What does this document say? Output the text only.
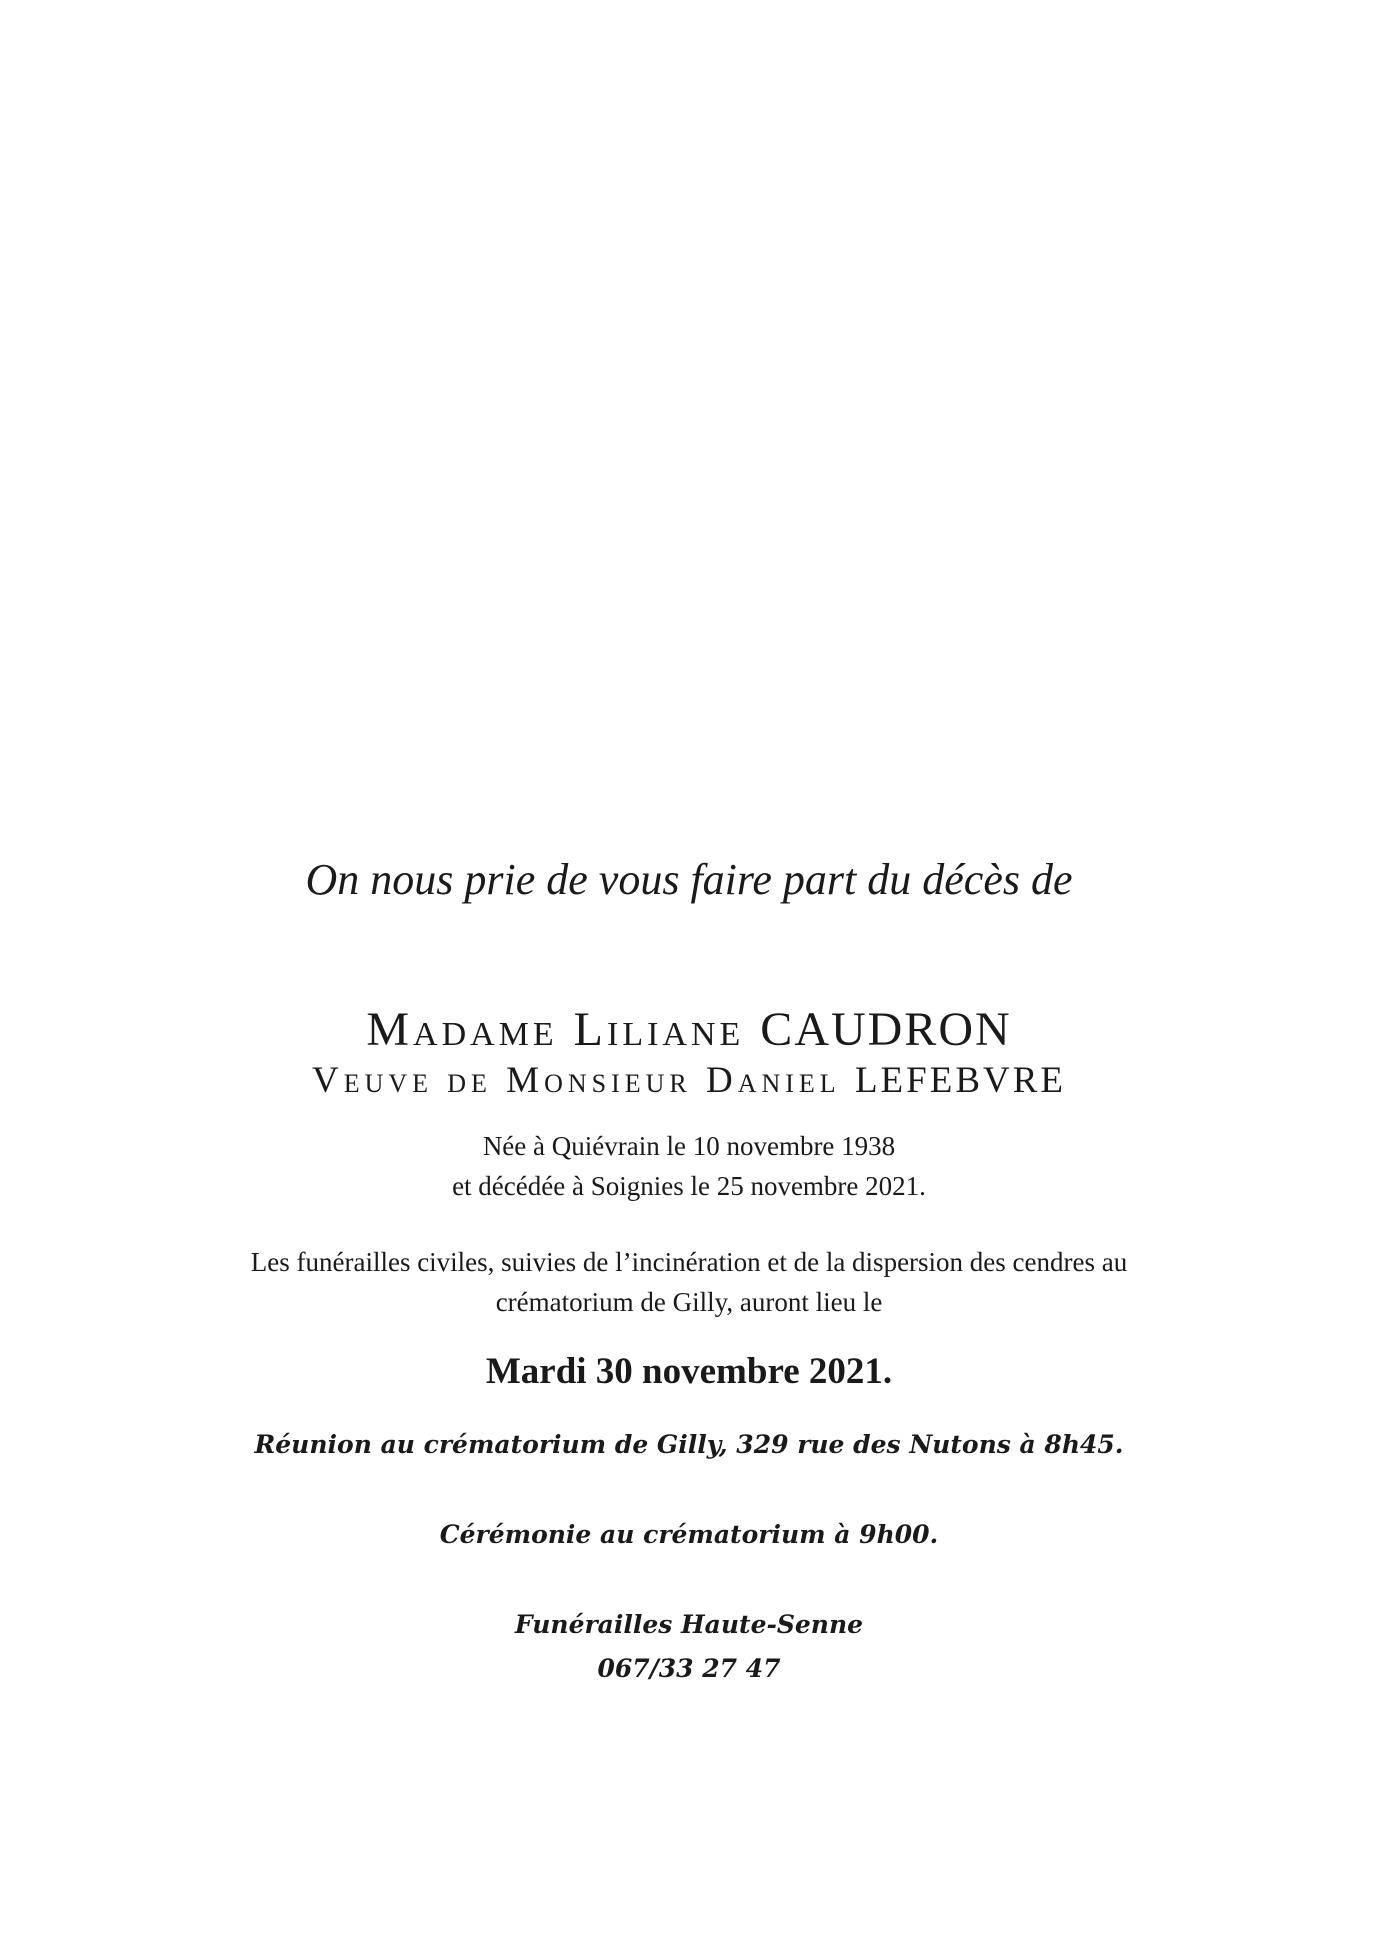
On nous prie de vous faire part du décès de

Madame Liliane CAUDRON

Veuve de Monsieur Daniel LEFEBVRE

Née à Quiévrain le 10 novembre 1938

et décédée à Soignies le 25 novembre 2021.

Les funérailles civiles, suivies de l’incinération et de la dispersion des cendres au

crématorium de Gilly, auront lieu le

Mardi 30 novembre 2021.

Réunion au crématorium de Gilly, 329 rue des Nutons à 8h45.

Cérémonie au crématorium à 9h00.

Funérailles Haute-Senne

067/33 27 47
